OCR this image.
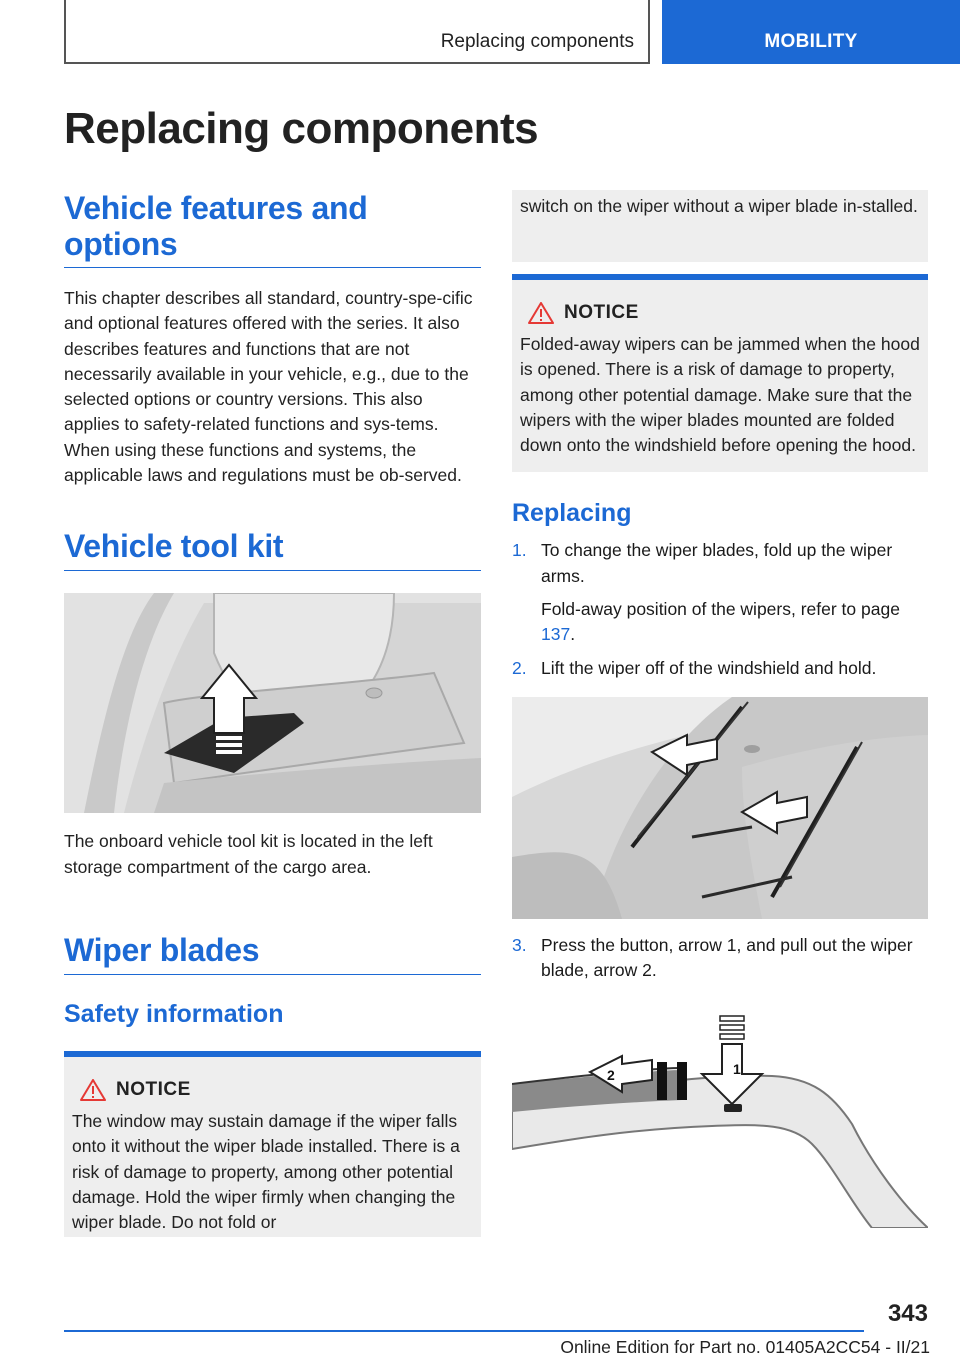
Replacing components	MOBILITY
Replacing components
Vehicle features and options

This chapter describes all standard, country-spe-cific and optional features offered with the series. It also describes features and functions that are not necessarily available in your vehicle, e.g., due to the selected options or country versions. This also applies to safety-related functions and sys-tems. When using these functions and systems, the applicable laws and regulations must be ob-served.

Vehicle tool kit

The onboard vehicle tool kit is located in the left storage compartment of the cargo area.

Wiper blades
Safety information
NOTICE

The window may sustain damage if the wiper falls onto it without the wiper blade installed. There is a risk of damage to property, among other potential damage. Hold the wiper firmly when changing the wiper blade. Do not fold or

switch on the wiper without a wiper blade in-stalled.

NOTICE

Folded-away wipers can be jammed when the hood is opened. There is a risk of damage to property, among other potential damage. Make sure that the wipers with the wiper blades mounted are folded down onto the windshield before opening the hood.

Replacing
1. To change the wiper blades, fold up the wiper arms.
Fold-away position of the wipers, refer to page 137.
2. Lift the wiper off of the windshield and hold.
3. Press the button, arrow 1, and pull out the wiper blade, arrow 2.
1
2
343
Online Edition for Part no. 01405A2CC54 - II/21
